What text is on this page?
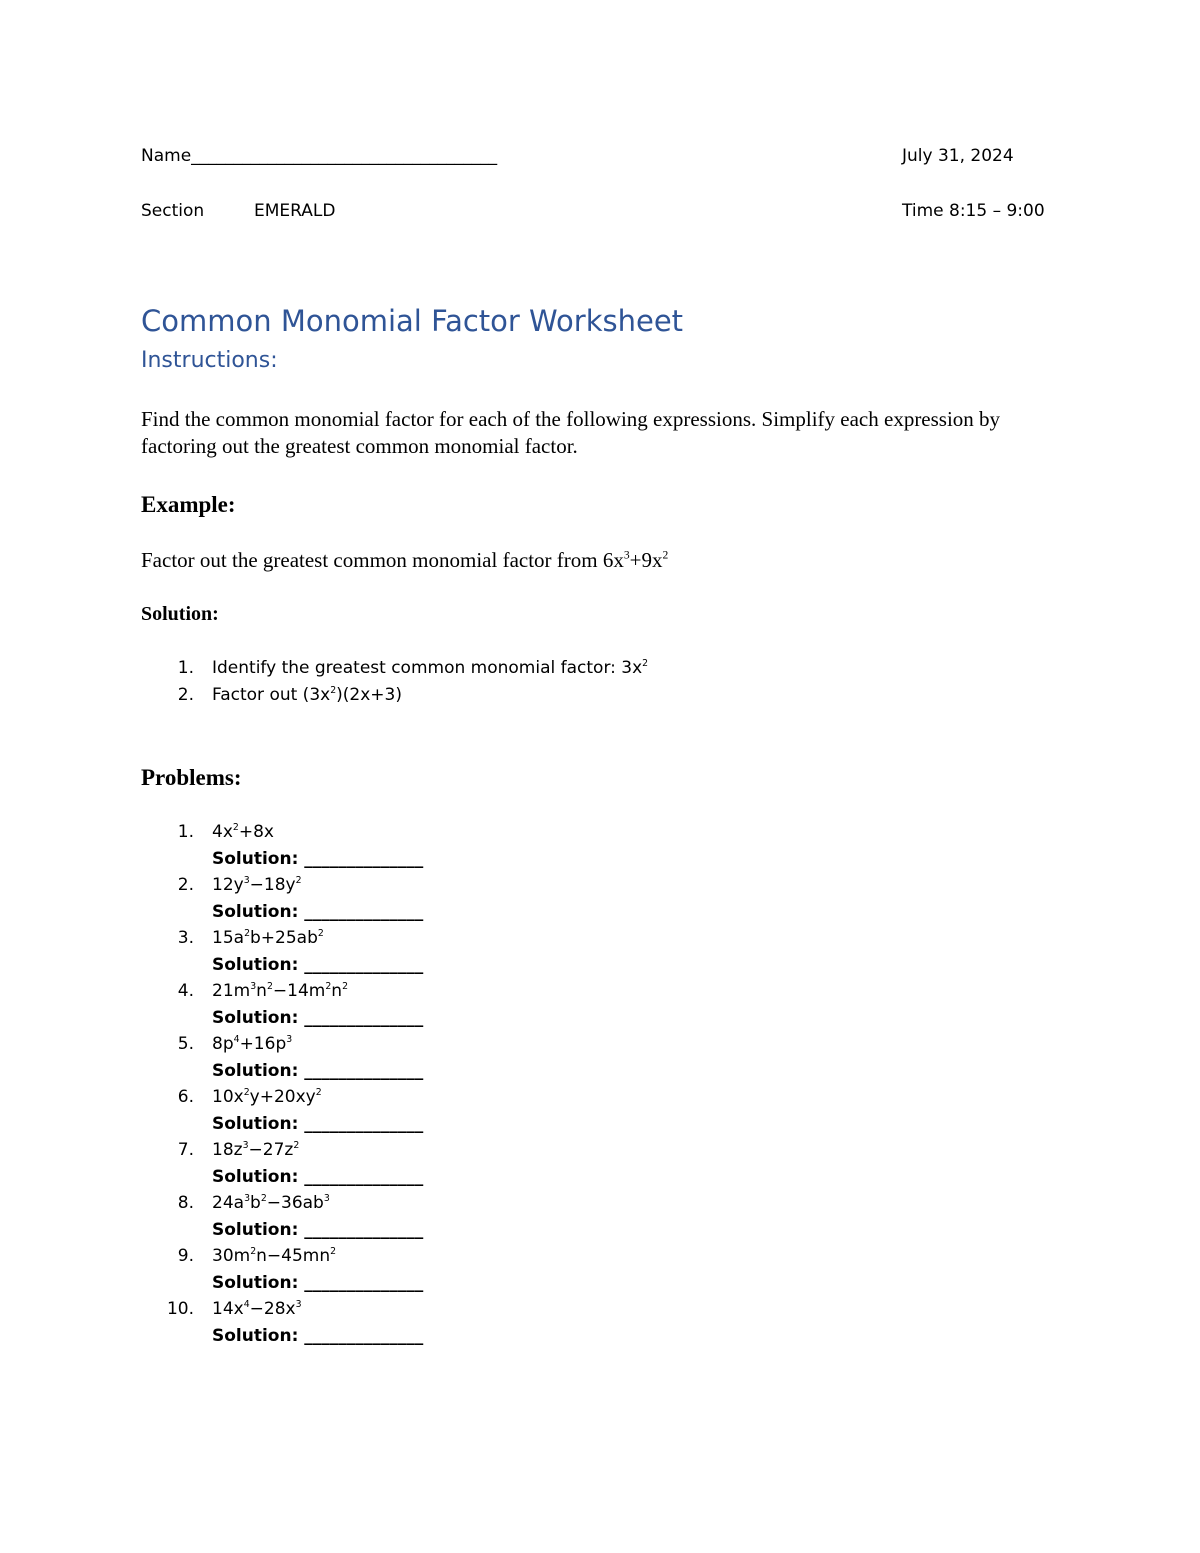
Name____________________________________	July 31, 2024
Section	EMERALD	Time 8:15 – 9:00
Common Monomial Factor Worksheet
Instructions:
Find the common monomial factor for each of the following expressions. Simplify each expression by factoring out the greatest common monomial factor.
Example:
Factor out the greatest common monomial factor from $6x^3+9x^2$
Solution:
1. Identify the greatest common monomial factor: $3x^2$
2. Factor out $(3x^2)(2x+3)$
Problems:
1. $4x^2+8x$
Solution: ______________
2. $12y^3-18y^2$
Solution: ______________
3. $15a^2b+25ab^2$
Solution: ______________
4. $21m^3n^2-14m^2n^2$
Solution: ______________
5. $8p^4+16p^3$
Solution: ______________
6. $10x^2y+20xy^2$
Solution: ______________
7. $18z^3-27z^2$
Solution: ______________
8. $24a^3b^2-36ab^3$
Solution: ______________
9. $30m^2n-45mn^2$
Solution: ______________
10. $14x^4-28x^3$
Solution: ______________
